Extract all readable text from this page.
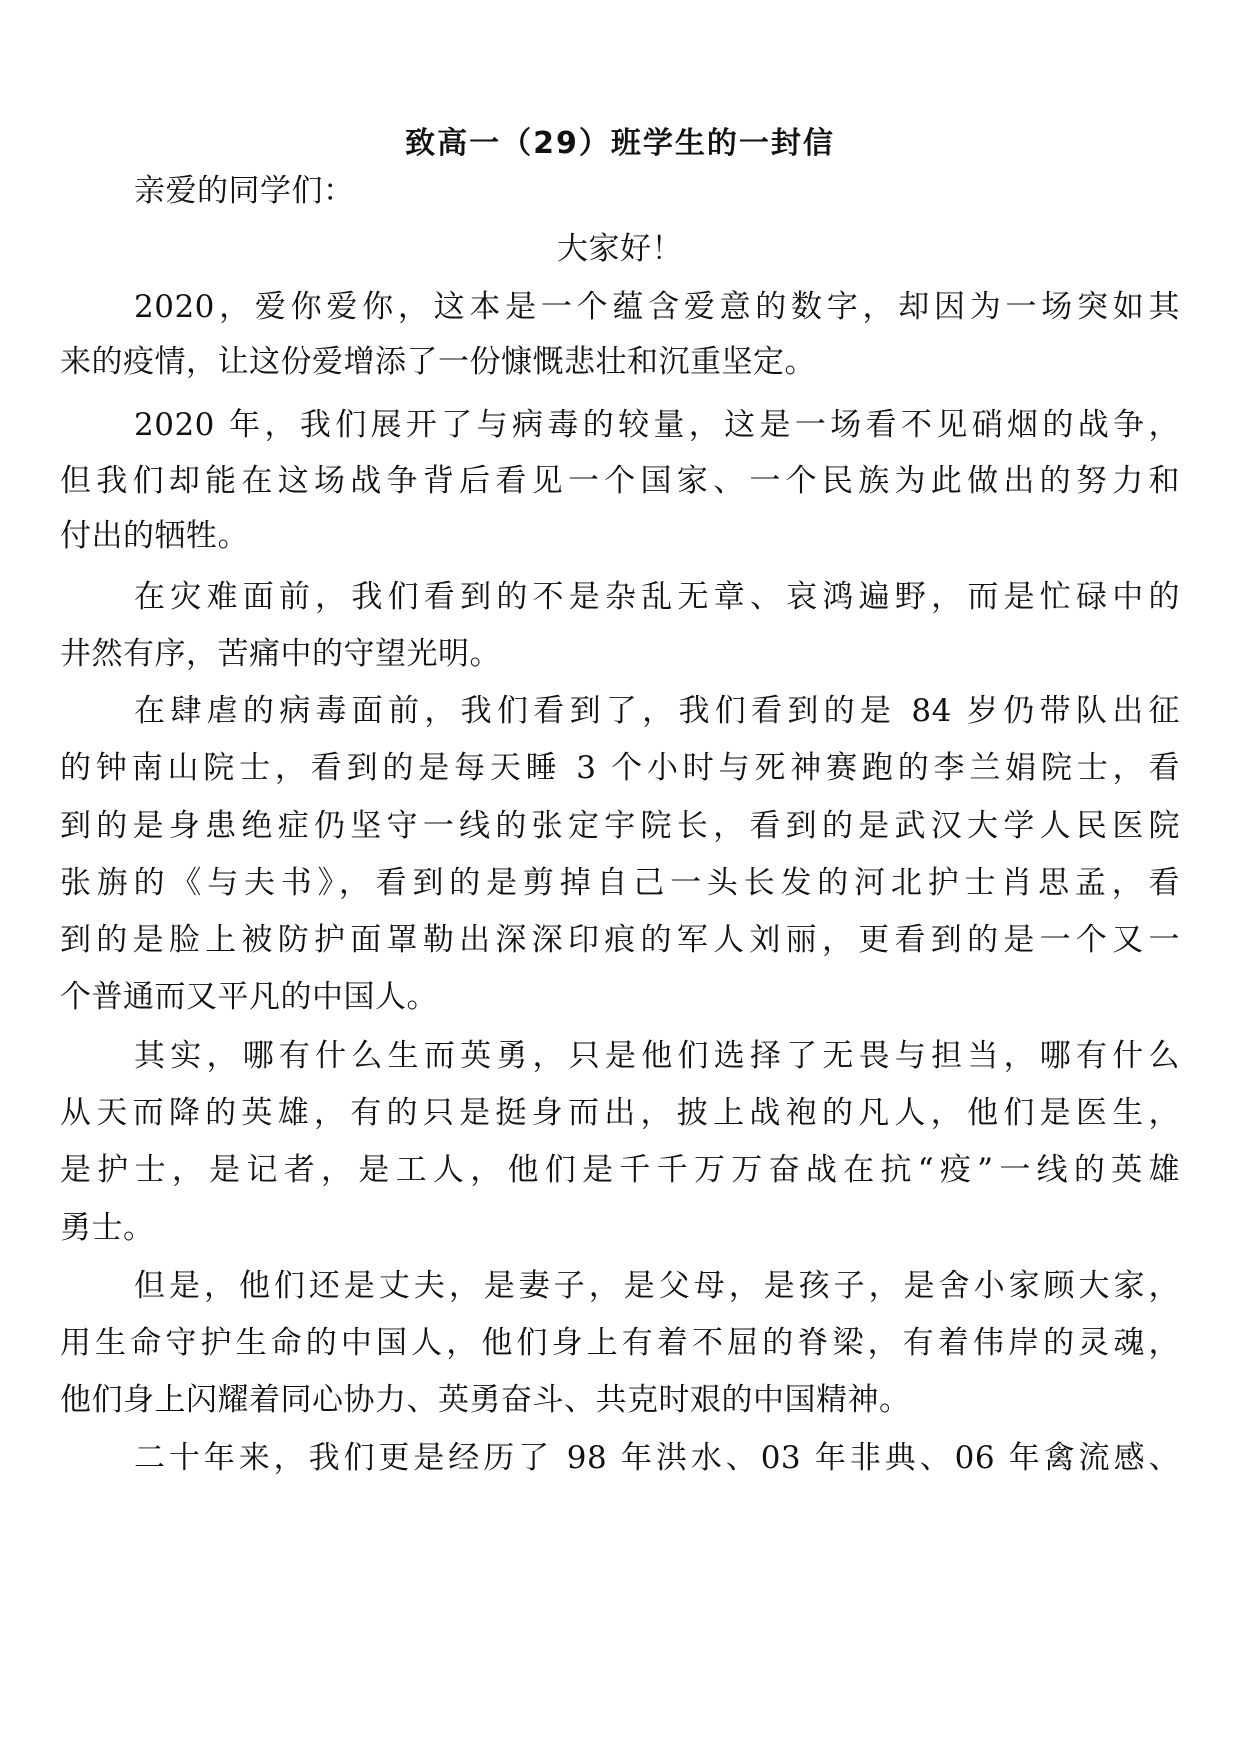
致高一（29）班学生的一封信
亲爱的同学们：
大家好！
2020，爱你爱你，这本是一个蕴含爱意的数字，却因为一场突如其
来的疫情，让这份爱增添了一份慷慨悲壮和沉重坚定。
2020 年，我们展开了与病毒的较量，这是一场看不见硝烟的战争，
但我们却能在这场战争背后看见一个国家、一个民族为此做出的努力和
付出的牺牲。
在灾难面前，我们看到的不是杂乱无章、哀鸿遍野，而是忙碌中的
井然有序，苦痛中的守望光明。
在肆虐的病毒面前，我们看到了，我们看到的是 84 岁仍带队出征
的钟南山院士，看到的是每天睡 3 个小时与死神赛跑的李兰娟院士，看
到的是身患绝症仍坚守一线的张定宇院长，看到的是武汉大学人民医院
张旃的《与夫书》，看到的是剪掉自己一头长发的河北护士肖思孟，看
到的是脸上被防护面罩勒出深深印痕的军人刘丽，更看到的是一个又一
个普通而又平凡的中国人。
其实，哪有什么生而英勇，只是他们选择了无畏与担当，哪有什么
从天而降的英雄，有的只是挺身而出，披上战袍的凡人，他们是医生，
是护士，是记者，是工人，他们是千千万万奋战在抗“疫”一线的英雄
勇士。
但是，他们还是丈夫，是妻子，是父母，是孩子，是舍小家顾大家，
用生命守护生命的中国人，他们身上有着不屈的脊梁，有着伟岸的灵魂，
他们身上闪耀着同心协力、英勇奋斗、共克时艰的中国精神。
二十年来，我们更是经历了 98 年洪水、03 年非典、06 年禽流感、
